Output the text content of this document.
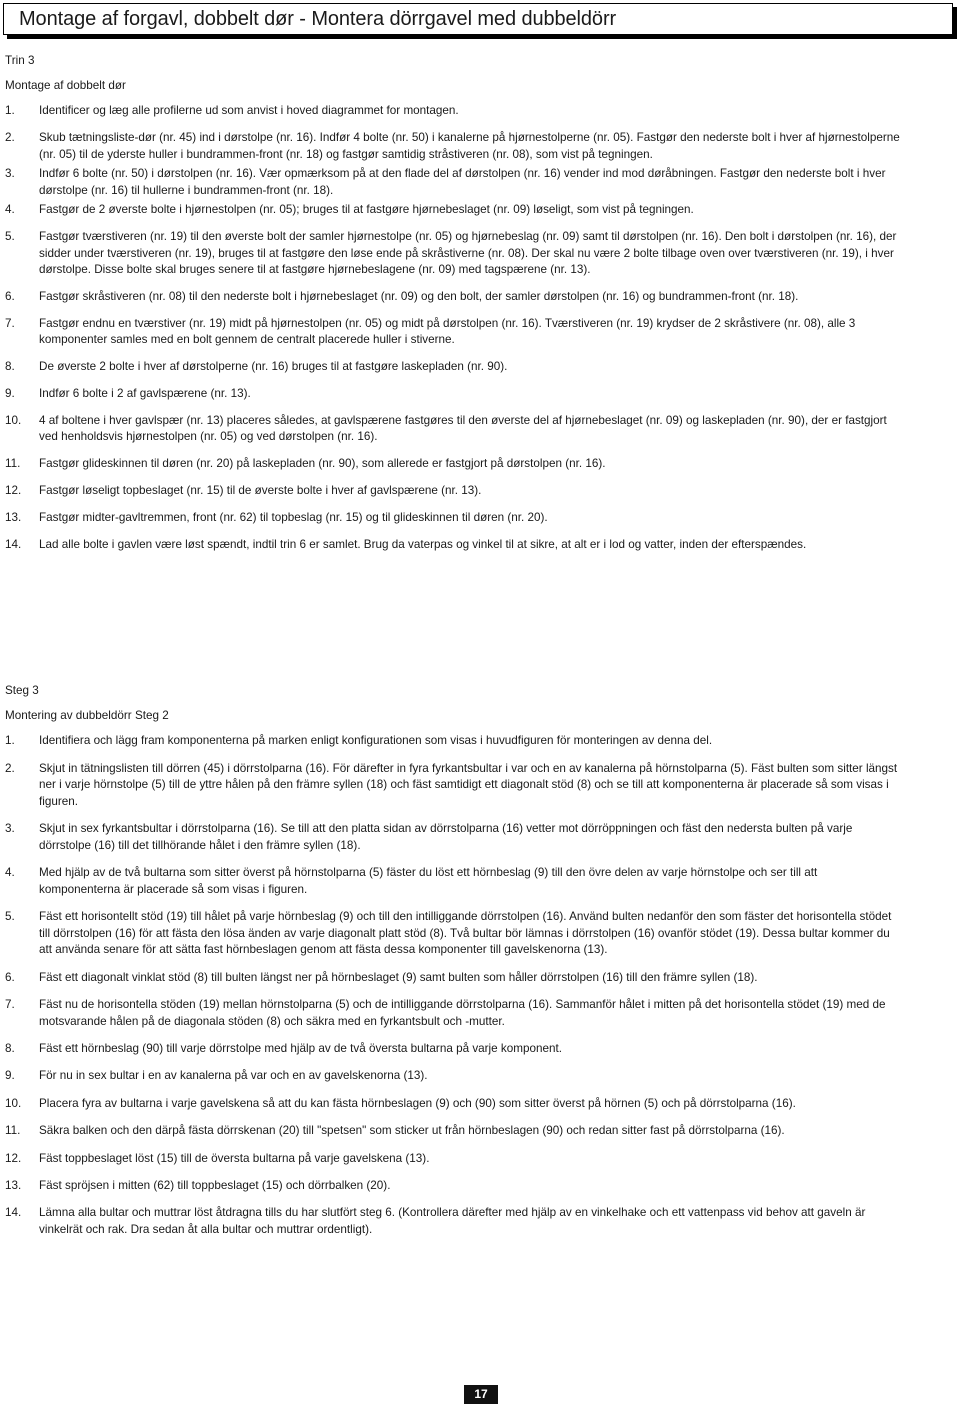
Montage af forgavl, dobbelt dør - Montera dörrgavel med dubbeldörr
Trin 3
Montage af dobbelt dør
1. Identificer og læg alle profilerne ud som anvist i hoved diagrammet for montagen.
2. Skub tætningsliste-dør (nr. 45) ind i dørstolpe (nr. 16). Indfør 4 bolte (nr. 50) i kanalerne på hjørnestolperne (nr. 05). Fastgør den nederste bolt i hver af hjørnestolperne (nr. 05) til de yderste huller i bundrammen-front (nr. 18) og fastgør samtidig stråstiveren (nr. 08), som vist på tegningen.
3. Indfør 6 bolte (nr. 50) i dørstolpen (nr. 16). Vær opmærksom på at den flade del af dørstolpen (nr. 16) vender ind mod døråbningen. Fastgør den nederste bolt i hver dørstolpe (nr. 16) til hullerne i bundrammen-front (nr. 18).
4. Fastgør de 2 øverste bolte i hjørnestolpen (nr. 05); bruges til at fastgøre hjørnebeslaget (nr. 09) løseligt, som vist på tegningen.
5. Fastgør tværstiveren (nr. 19) til den øverste bolt der samler hjørnestolpe (nr. 05) og hjørnebeslag (nr. 09) samt til dørstolpen (nr. 16). Den bolt i dørstolpen (nr. 16), der sidder under tværstiveren (nr. 19), bruges til at fastgøre den løse ende på skråstiverne (nr. 08). Der skal nu være 2 bolte tilbage oven over tværstiveren (nr. 19), i hver dørstolpe. Disse bolte skal bruges senere til at fastgøre hjørnebeslagene (nr. 09) med tagspærene (nr. 13).
6. Fastgør skråstiveren (nr. 08) til den nederste bolt i hjørnebeslaget (nr. 09) og den bolt, der samler dørstolpen (nr. 16) og bundrammen-front (nr. 18).
7. Fastgør endnu en tværstiver (nr. 19) midt på hjørnestolpen (nr. 05) og midt på dørstolpen (nr. 16). Tværstiveren (nr. 19) krydser de 2 skråstivere (nr. 08), alle 3 komponenter samles med en bolt gennem de centralt placerede huller i stiverne.
8. De øverste 2 bolte i hver af dørstolperne (nr. 16) bruges til at fastgøre laskepladen (nr. 90).
9. Indfør 6 bolte i 2 af gavlspærene (nr. 13).
10. 4 af boltene i hver gavlspær (nr. 13) placeres således, at gavlspærene fastgøres til den øverste del af hjørnebeslaget (nr. 09) og laskepladen (nr. 90), der er fastgjort ved henholdsvis hjørnestolpen (nr. 05) og ved dørstolpen (nr. 16).
11. Fastgør glideskinnen til døren (nr. 20) på laskepladen (nr. 90), som allerede er fastgjort på dørstolpen (nr. 16).
12. Fastgør løseligt topbeslaget (nr. 15) til de øverste bolte i hver af gavlspærene (nr. 13).
13. Fastgør midter-gavltremmen, front (nr. 62) til topbeslag (nr. 15) og til glideskinnen til døren (nr. 20).
14. Lad alle bolte i gavlen være løst spændt, indtil trin 6 er samlet. Brug da vaterpas og vinkel til at sikre, at alt er i lod og vatter, inden der efterspændes.
Steg 3
Montering av dubbeldörr Steg 2
1. Identifiera och lägg fram komponenterna på marken enligt konfigurationen som visas i huvudfiguren för monteringen av denna del.
2. Skjut in tätningslisten till dörren (45) i dörrstolparna (16). För därefter in fyra fyrkantsbultar i var och en av kanalerna på hörnstolparna (5). Fäst bulten som sitter längst ner i varje hörnstolpe (5) till de yttre hålen på den främre syllen (18) och fäst samtidigt ett diagonalt stöd (8) och se till att komponenterna är placerade så som visas i figuren.
3. Skjut in sex fyrkantsbultar i dörrstolparna (16). Se till att den platta sidan av dörrstolparna (16) vetter mot dörröppningen och fäst den nedersta bulten på varje dörrstolpe (16) till det tillhörande hålet i den främre syllen (18).
4. Med hjälp av de två bultarna som sitter överst på hörnstolparna (5) fäster du löst ett hörnbeslag (9) till den övre delen av varje hörnstolpe och ser till att komponenterna är placerade så som visas i figuren.
5. Fäst ett horisontellt stöd (19) till hålet på varje hörnbeslag (9) och till den intilliggande dörrstolpen (16). Använd bulten nedanför den som fäster det horisontella stödet till dörrstolpen (16) för att fästa den lösa änden av varje diagonalt platt stöd (8). Två bultar bör lämnas i dörrstolpen (16) ovanför stödet (19). Dessa bultar kommer du att använda senare för att sätta fast hörnbeslagen genom att fästa dessa komponenter till gavelskenorna (13).
6. Fäst ett diagonalt vinklat stöd (8) till bulten längst ner på hörnbeslaget (9) samt bulten som håller dörrstolpen (16) till den främre syllen (18).
7. Fäst nu de horisontella stöden (19) mellan hörnstolparna (5) och de intilliggande dörrstolparna (16). Sammanför hålet i mitten på det horisontella stödet (19) med de motsvarande hålen på de diagonala stöden (8) och säkra med en fyrkantsbult och -mutter.
8. Fäst ett hörnbeslag (90) till varje dörrstolpe med hjälp av de två översta bultarna på varje komponent.
9. För nu in sex bultar i en av kanalerna på var och en av gavelskenorna (13).
10. Placera fyra av bultarna i varje gavelskena så att du kan fästa hörnbeslagen (9) och (90) som sitter överst på hörnen (5) och på dörrstolparna (16).
11. Säkra balken och den därpå fästa dörrskenan (20) till "spetsen" som sticker ut från hörnbeslagen (90) och redan sitter fast på dörrstolparna (16).
12. Fäst toppbeslaget löst (15) till de översta bultarna på varje gavelskena (13).
13. Fäst spröjsen i mitten (62) till toppbeslaget (15) och dörrbalken (20).
14. Lämna alla bultar och muttrar löst åtdragna tills du har slutfört steg 6. (Kontrollera därefter med hjälp av en vinkelhake och ett vattenpass vid behov att gaveln är vinkelrät och rak. Dra sedan åt alla bultar och muttrar ordentligt).
17
